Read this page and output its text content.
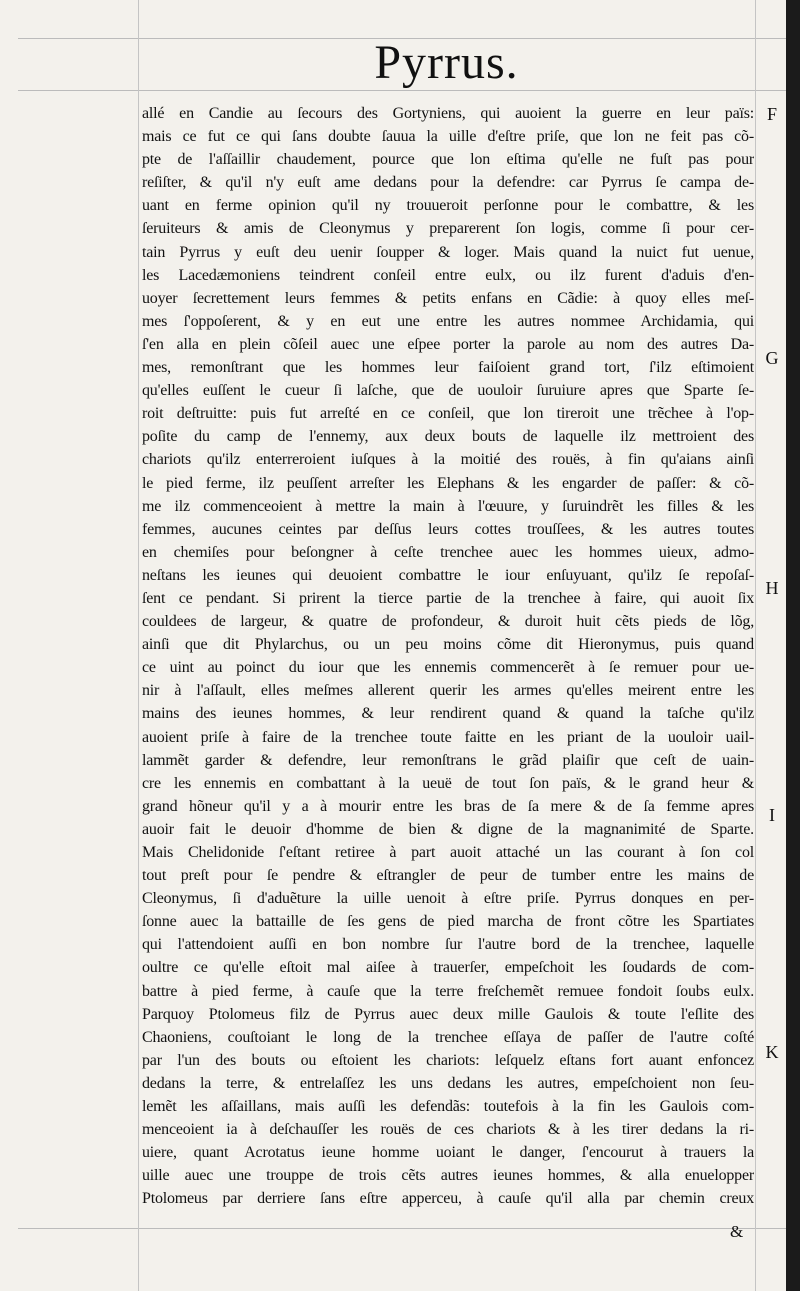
Pyrrus.
allé en Candie au ſecours des Gortyniens, qui auoient la guerre en leur païs:
mais ce fut ce qui ſans doubte ſauua la uille d'eſtre priſe, que lon ne feit pas cõ-
pte de l'aſſaillir chaudement, pource que lon eſtima qu'elle ne fuſt pas pour
reſiſter, & qu'il n'y euſt ame dedans pour la defendre: car Pyrrus ſe campa de-
uant en ferme opinion qu'il ny trouueroit perſonne pour le combattre, & les
ſeruiteurs & amis de Cleonymus y preparerent ſon logis, comme ſi pour cer-
tain Pyrrus y euſt deu uenir ſoupper & loger. Mais quand la nuict fut uenue,
les Lacedæmoniens teindrent conſeil entre eulx, ou ilz furent d'aduis d'en-
uoyer ſecrettement leurs femmes & petits enfans en Cãdie: à quoy elles meſ-
mes ſ'oppoſerent, & y en eut une entre les autres nommee Archidamia, qui
ſ'en alla en plein cõſeil auec une eſpee porter la parole au nom des autres Da-
mes, remonſtrant que les hommes leur faiſoient grand tort, ſ'ilz eſtimoient
qu'elles euſſent le cueur ſi laſche, que de uouloir ſuruiure apres que Sparte ſe-
roit deſtruitte: puis fut arreſté en ce conſeil, que lon tireroit une trẽchee à l'op-
poſite du camp de l'ennemy, aux deux bouts de laquelle ilz mettroient des
chariots qu'ilz enterreroient iuſques à la moitié des rouës, à fin qu'aians ainſi
le pied ferme, ilz peuſſent arreſter les Elephans & les engarder de paſſer: & cõ-
me ilz commenceoient à mettre la main à l'œuure, y ſuruindrẽt les filles & les
femmes, aucunes ceintes par deſſus leurs cottes trouſſees, & les autres toutes
en chemiſes pour beſongner à ceſte trenchee auec les hommes uieux, admo-
neſtans les ieunes qui deuoient combattre le iour enſuyuant, qu'ilz ſe repoſaſ-
ſent ce pendant. Si prirent la tierce partie de la trenchee à faire, qui auoit ſix
couldees de largeur, & quatre de profondeur, & duroit huit cẽts pieds de lõg,
ainſi que dit Phylarchus, ou un peu moins cõme dit Hieronymus, puis quand
ce uint au poinct du iour que les ennemis commencerẽt à ſe remuer pour ue-
nir à l'aſſault, elles meſmes allerent querir les armes qu'elles meirent entre les
mains des ieunes hommes, & leur rendirent quand & quand la taſche qu'ilz
auoient priſe à faire de la trenchee toute faitte en les priant de la uouloir uail-
lammẽt garder & defendre, leur remonſtrans le grãd plaiſir que ceſt de uain-
cre les ennemis en combattant à la ueuë de tout ſon païs, & le grand heur &
grand hõneur qu'il y a à mourir entre les bras de ſa mere & de ſa femme apres
auoir fait le deuoir d'homme de bien & digne de la magnanimité de Sparte.
Mais Chelidonide ſ'eſtant retiree à part auoit attaché un las courant à ſon col
tout preſt pour ſe pendre & eſtrangler de peur de tumber entre les mains de
Cleonymus, ſi d'aduẽture la uille uenoit à eſtre priſe. Pyrrus donques en per-
ſonne auec la battaille de ſes gens de pied marcha de front cõtre les Spartiates
qui l'attendoient auſſi en bon nombre ſur l'autre bord de la trenchee, laquelle
oultre ce qu'elle eſtoit mal aiſee à trauerſer, empeſchoit les ſoudards de com-
battre à pied ferme, à cauſe que la terre freſchemẽt remuee fondoit ſoubs eulx.
Parquoy Ptolomeus filz de Pyrrus auec deux mille Gaulois & toute l'eſlite des
Chaoniens, couſtoiant le long de la trenchee eſſaya de paſſer de l'autre coſté
par l'un des bouts ou eſtoient les chariots: leſquelz eſtans fort auant enfoncez
dedans la terre, & entrelaſſez les uns dedans les autres, empeſchoient non ſeu-
lemẽt les aſſaillans, mais auſſi les defendãs: toutefois à la fin les Gaulois com-
menceoient ia à deſchauſſer les rouës de ces chariots & à les tirer dedans la ri-
uiere, quant Acrotatus ieune homme uoiant le danger, ſ'encourut à trauers la
uille auec une trouppe de trois cẽts autres ieunes hommes, & alla enuelopper
Ptolomeus par derriere ſans eſtre apperceu, à cauſe qu'il alla par chemin creux
F
G
H
I
K
&
